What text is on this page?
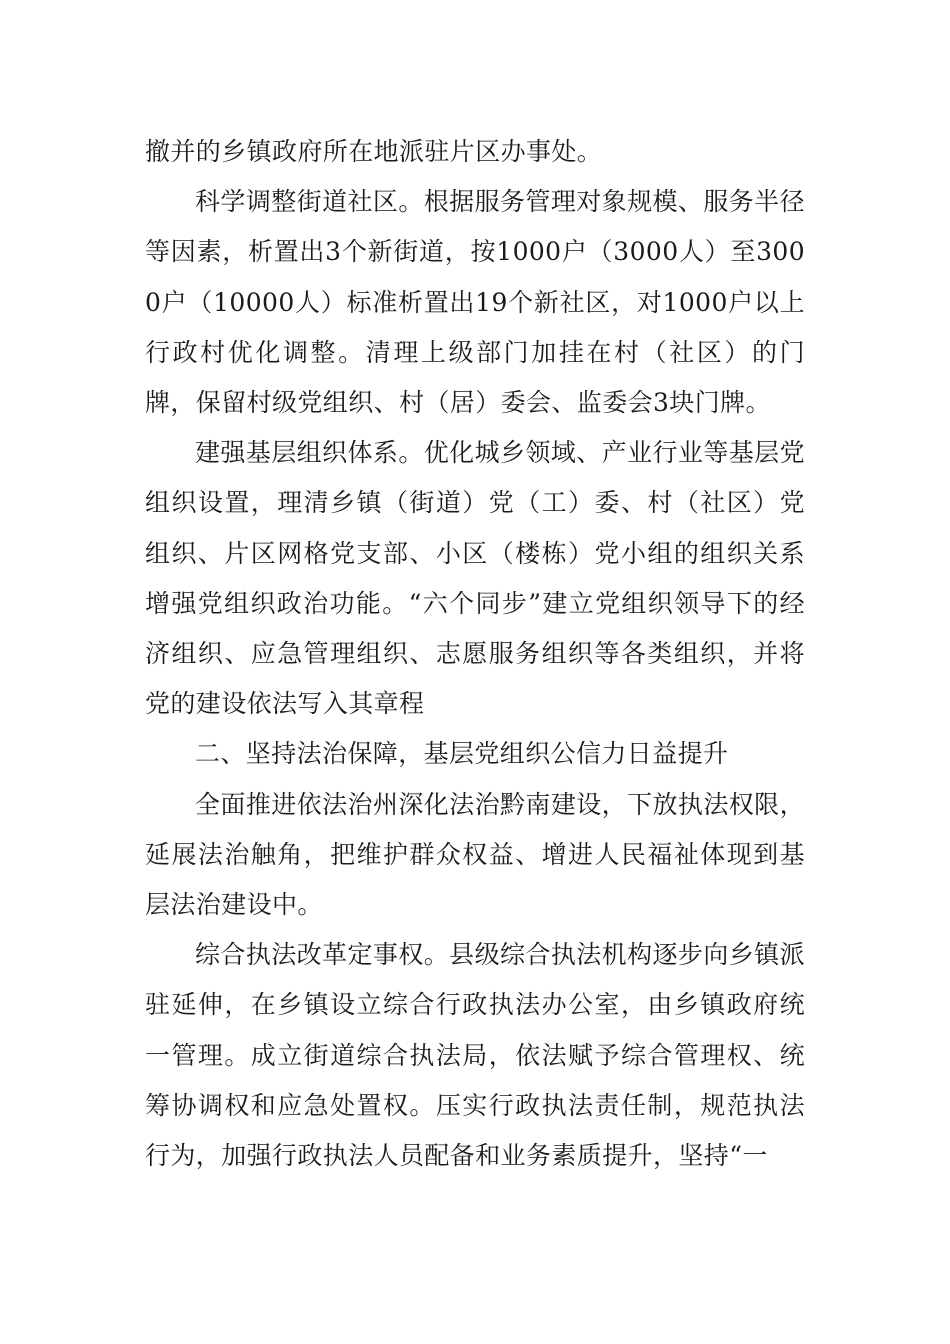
撤并的乡镇政府所在地派驻片区办事处。

科学调整街道社区。根据服务管理对象规模、服务半径等因素，析置出3个新街道，按1000户（3000人）至3000户（10000人）标准析置出19个新社区，对1000户以上行政村优化调整。清理上级部门加挂在村（社区）的门牌，保留村级党组织、村（居）委会、监委会3块门牌。

建强基层组织体系。优化城乡领域、产业行业等基层党组织设置，理清乡镇（街道）党（工）委、村（社区）党组织、片区网格党支部、小区（楼栋）党小组的组织关系增强党组织政治功能。“六个同步”建立党组织领导下的经济组织、应急管理组织、志愿服务组织等各类组织，并将党的建设依法写入其章程

二、坚持法治保障，基层党组织公信力日益提升

全面推进依法治州深化法治黔南建设，下放执法权限，延展法治触角，把维护群众权益、增进人民福祉体现到基层法治建设中。

综合执法改革定事权。县级综合执法机构逐步向乡镇派驻延伸，在乡镇设立综合行政执法办公室，由乡镇政府统一管理。成立街道综合执法局，依法赋予综合管理权、统筹协调权和应急处置权。压实行政执法责任制，规范执法行为，加强行政执法人员配备和业务素质提升，坚持“一
